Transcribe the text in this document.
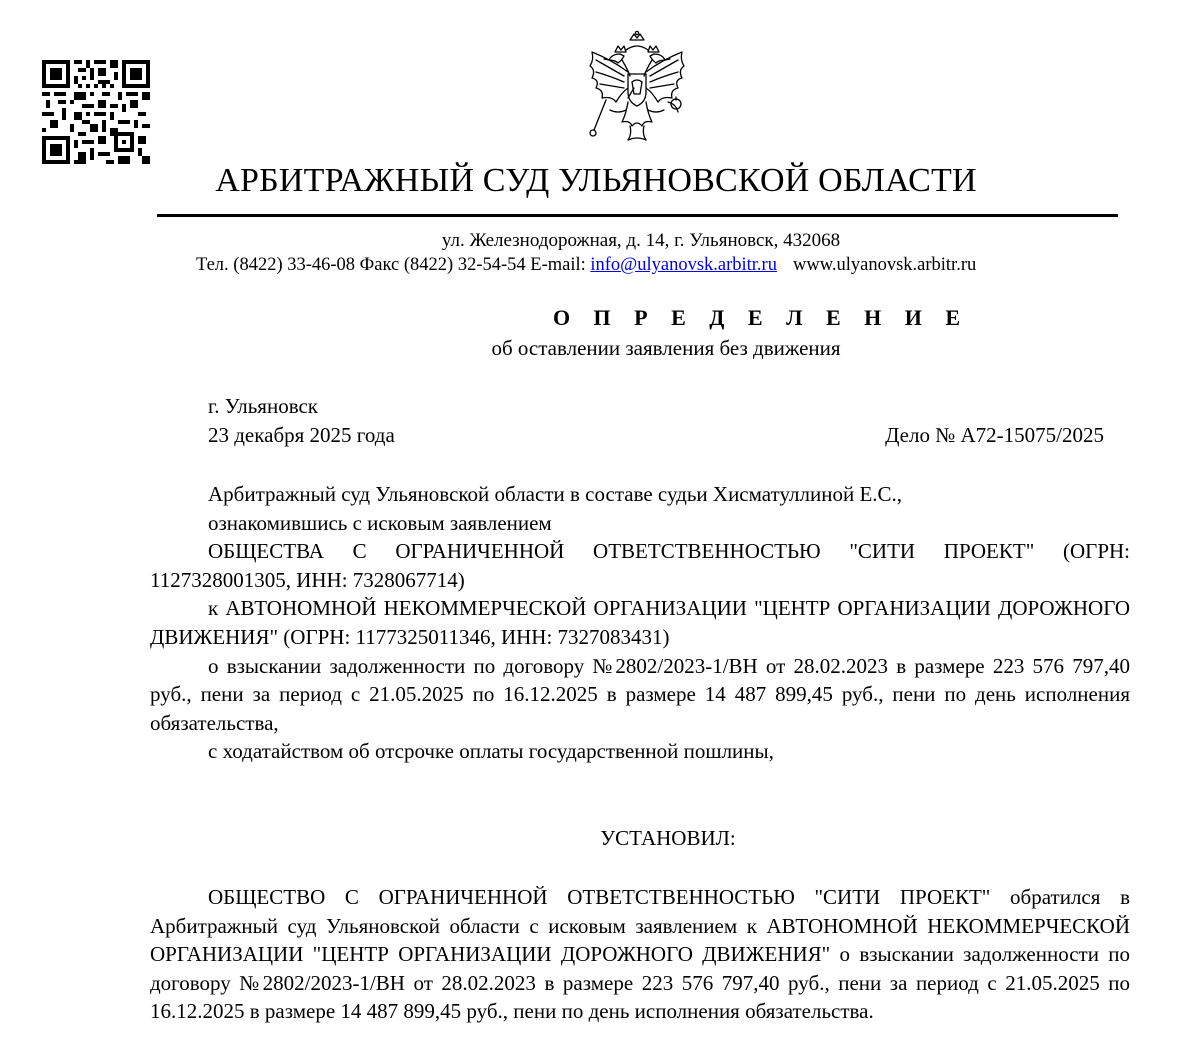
АРБИТРАЖНЫЙ СУД УЛЬЯНОВСКОЙ ОБЛАСТИ
ул. Железнодорожная, д. 14, г. Ульяновск, 432068
Тел. (8422) 33-46-08 Факс (8422) 32-54-54 E-mail: info@ulyanovsk.arbitr.ru www.ulyanovsk.arbitr.ru
О П Р Е Д Е Л Е Н И Е
об оставлении заявления без движения
г. Ульяновск
23 декабря 2025 года	Дело № А72-15075/2025

Арбитражный суд Ульяновской области в составе судьи Хисматуллиной Е.С.,

ознакомившись с исковым заявлением

ОБЩЕСТВА С ОГРАНИЧЕННОЙ ОТВЕТСТВЕННОСТЬЮ "СИТИ ПРОЕКТ" (ОГРН: 1127328001305, ИНН: 7328067714)

к АВТОНОМНОЙ НЕКОММЕРЧЕСКОЙ ОРГАНИЗАЦИИ "ЦЕНТР ОРГАНИЗАЦИИ ДОРОЖНОГО ДВИЖЕНИЯ" (ОГРН: 1177325011346, ИНН: 7327083431)

о взыскании задолженности по договору №2802/2023-1/ВН от 28.02.2023 в размере 223 576 797,40 руб., пени за период с 21.05.2025 по 16.12.2025 в размере 14 487 899,45 руб., пени по день исполнения обязательства,

с ходатайством об отсрочке оплаты государственной пошлины,

УСТАНОВИЛ:

ОБЩЕСТВО С ОГРАНИЧЕННОЙ ОТВЕТСТВЕННОСТЬЮ "СИТИ ПРОЕКТ" обратился в Арбитражный суд Ульяновской области с исковым заявлением к АВТОНОМНОЙ НЕКОММЕРЧЕСКОЙ ОРГАНИЗАЦИИ "ЦЕНТР ОРГАНИЗАЦИИ ДОРОЖНОГО ДВИЖЕНИЯ" о взыскании задолженности по договору №2802/2023-1/ВН от 28.02.2023 в размере 223 576 797,40 руб., пени за период с 21.05.2025 по 16.12.2025 в размере 14 487 899,45 руб., пени по день исполнения обязательства.
